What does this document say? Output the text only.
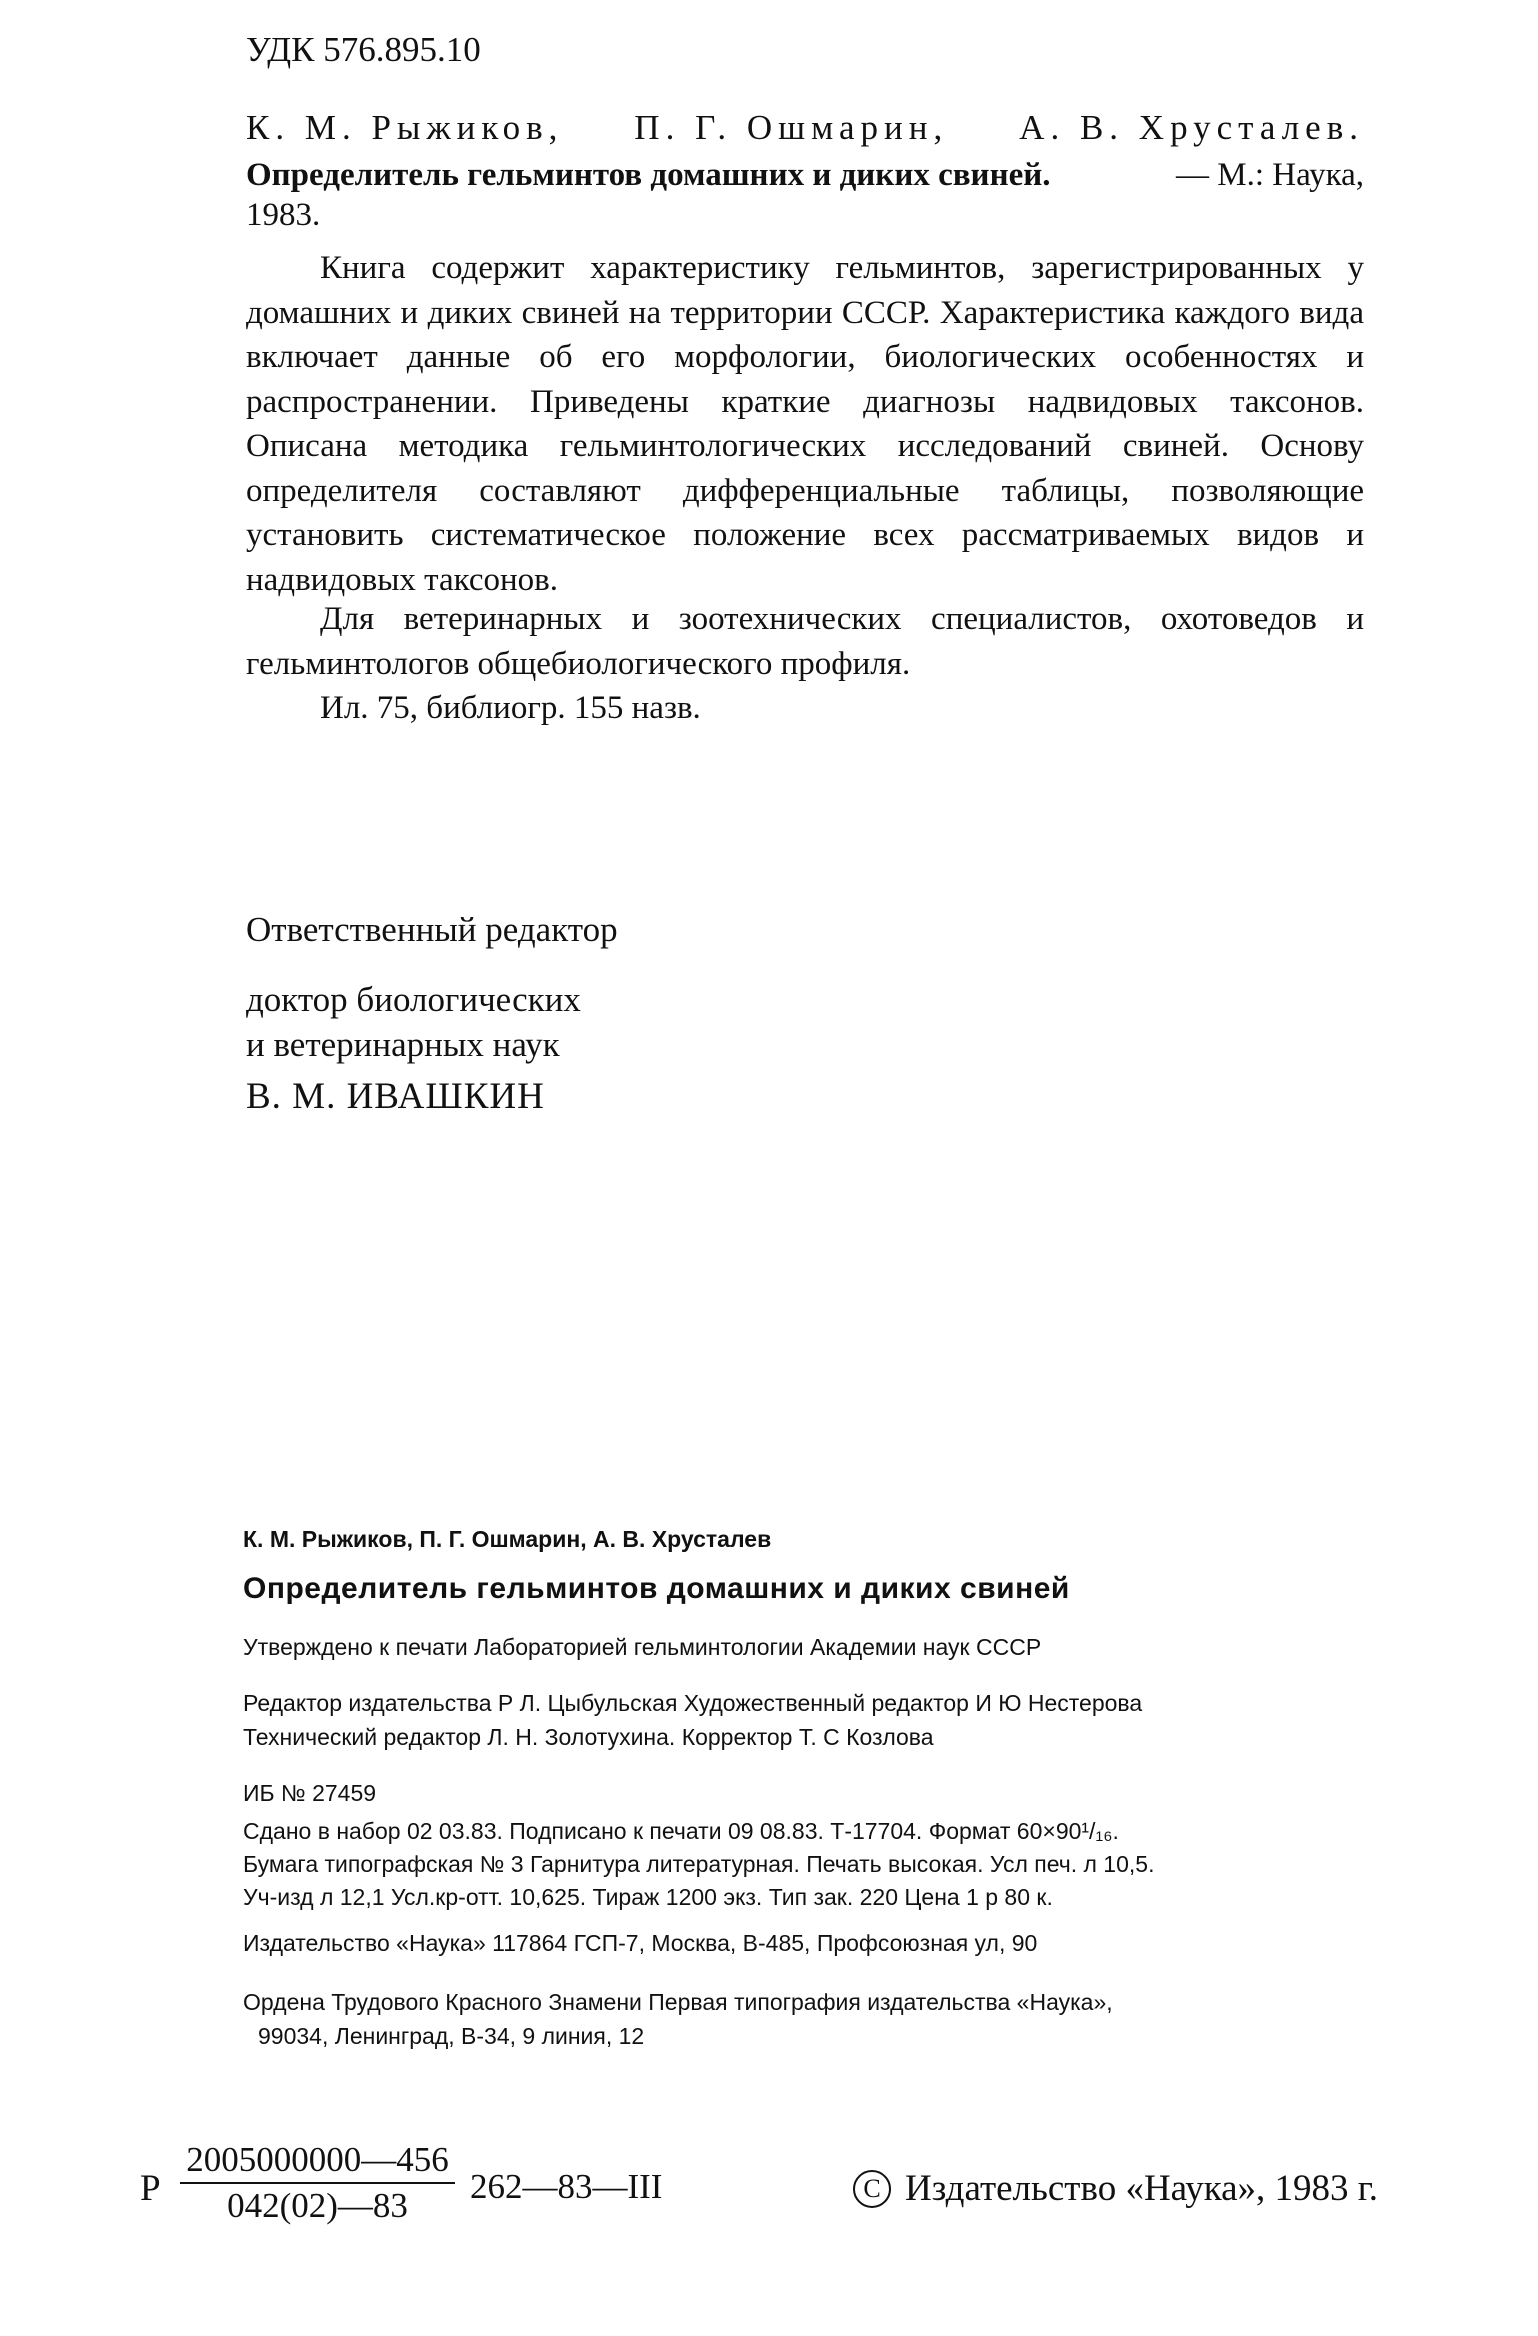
УДК 576.895.10
К. М. Рыжиков, П. Г. Ошмарин, А. В. Хрусталев.
Определитель гельминтов домашних и диких свиней.	— М.: Наука,
1983.

Книга содержит характеристику гельминтов, зарегистрированных у домашних и диких свиней на территории СССР. Характеристика каждого вида включает данные об его морфологии, биологических особенностях и распространении. Приведены краткие диагнозы надвидовых таксонов. Описана методика гельминтологических исследований свиней. Основу определителя составляют дифференциальные таблицы, позволяющие установить систематическое положение всех рассматриваемых видов и надвидовых таксонов.

Для ветеринарных и зоотехнических специалистов, охотоведов и гельминтологов общебиологического профиля.

Ил. 75, библиогр. 155 назв.
Ответственный редактор
доктор биологических
и ветеринарных наук
В. М. ИВАШКИН
К. М. Рыжиков, П. Г. Ошмарин, А. В. Хрусталев
Определитель гельминтов домашних и диких свиней
Утверждено к печати Лабораторией гельминтологии Академии наук СССР
Редактор издательства Р Л. Цыбульская Художественный редактор И Ю Нестерова
Технический редактор Л. Н. Золотухина. Корректор Т. С Козлова
ИБ № 27459
Сдано в набор 02 03.83. Подписано к печати 09 08.83. Т-17704. Формат 60×90¹/₁₆.
Бумага типографская № 3 Гарнитура литературная. Печать высокая. Усл печ. л 10,5.
Уч-изд л 12,1 Усл.кр-отт. 10,625. Тираж 1200 экз. Тип зак. 220 Цена 1 р 80 к.
Издательство «Наука» 117864 ГСП-7, Москва, В-485, Профсоюзная ул, 90
Ордена Трудового Красного Знамени Первая типография издательства «Наука»,
99034, Ленинград, В-34, 9 линия, 12
Р $\frac{2005000000—456}{042(02)—83}$ 262—83—III	C Издательство «Наука», 1983 г.
